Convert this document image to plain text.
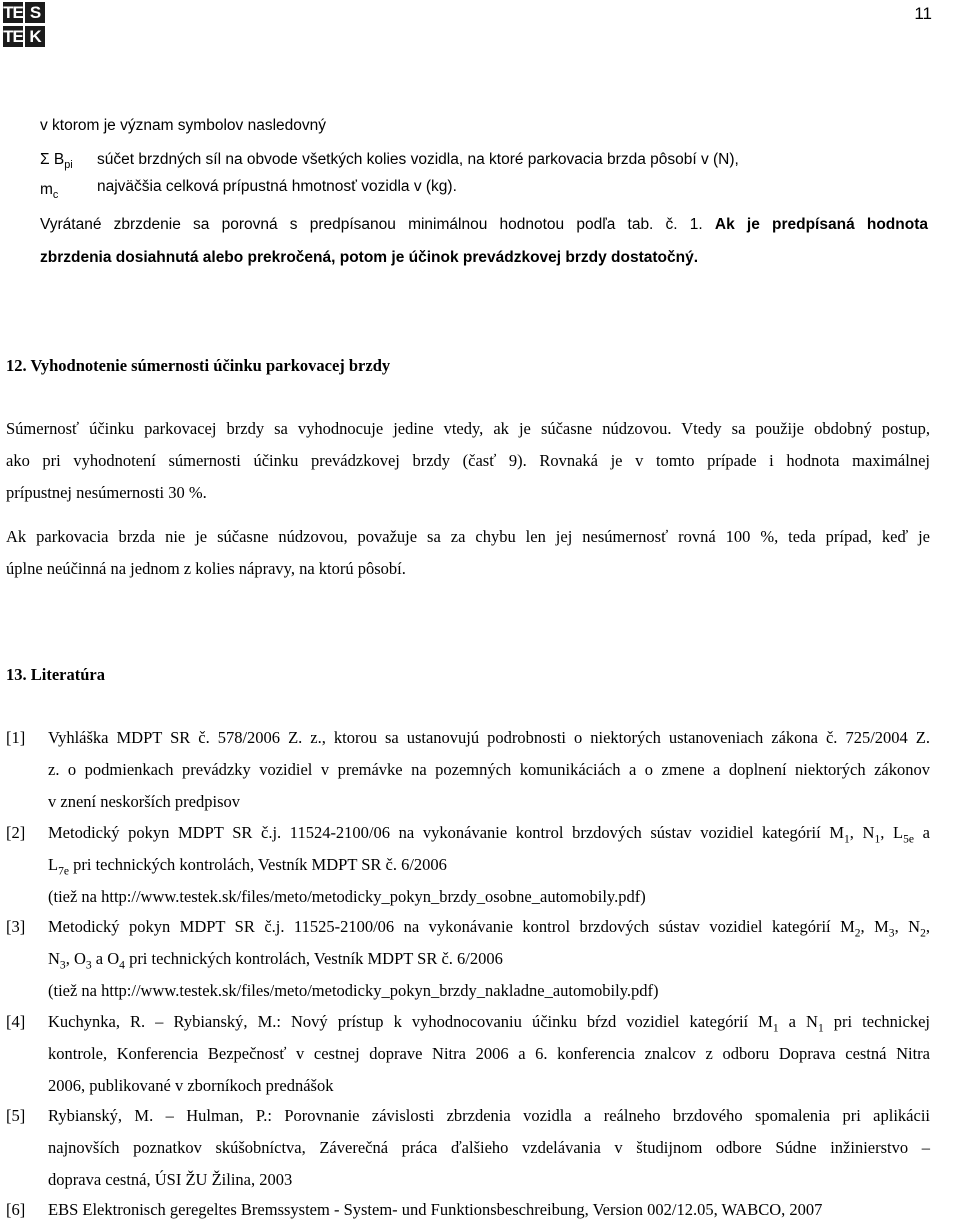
TE S
TE K
11
v ktorom je význam symbolov nasledovný
Σ $B_{pi}$ súčet brzdných síl na obvode všetkých kolies vozidla, na ktoré parkovacia brzda pôsobí v (N),
$m_c$
najväčšia celková prípustná hmotnosť vozidla v (kg).
Vyrátané zbrzdenie sa porovná s predpísanou minimálnou hodnotou podľa tab. č. 1. Ak je predpísaná hodnota
zbrzdenia dosiahnutá alebo prekročená, potom je účinok prevádzkovej brzdy dostatočný.
12. Vyhodnotenie súmernosti účinku parkovacej brzdy
Súmernosť účinku parkovacej brzdy sa vyhodnocuje jedine vtedy, ak je súčasne núdzovou. Vtedy sa použije obdobný postup,
ako pri vyhodnotení súmernosti účinku prevádzkovej brzdy (časť 9). Rovnaká je v tomto prípade i hodnota maximálnej
prípustnej nesúmernosti 30 %.
Ak parkovacia brzda nie je súčasne núdzovou, považuje sa za chybu len jej nesúmernosť rovná 100 %, teda prípad, keď je
úplne neúčinná na jednom z kolies nápravy, na ktorú pôsobí.
13. Literatúra
[1] Vyhláška MDPT SR č. 578/2006 Z. z., ktorou sa ustanovujú podrobnosti o niektorých ustanoveniach zákona č. 725/2004 Z.
z. o podmienkach prevádzky vozidiel v premávke na pozemných komunikáciách a o zmene a doplnení niektorých zákonov
v znení neskorších predpisov
[2] Metodický pokyn MDPT SR č.j. 11524-2100/06 na vykonávanie kontrol brzdových sústav vozidiel kategórií $M_1$, $N_1$, $L_{5e}$ a
$L_{7e}$ pri technických kontrolách, Vestník MDPT SR č. 6/2006
(tiež na http://www.testek.sk/files/meto/metodicky_pokyn_brzdy_osobne_automobily.pdf)
[3] Metodický pokyn MDPT SR č.j. 11525-2100/06 na vykonávanie kontrol brzdových sústav vozidiel kategórií $M_2$, $M_3$, $N_2$,
$N_3$, $O_3$ a $O_4$ pri technických kontrolách, Vestník MDPT SR č. 6/2006
(tiež na http://www.testek.sk/files/meto/metodicky_pokyn_brzdy_nakladne_automobily.pdf)
[4] Kuchynka, R. – Rybianský, M.: Nový prístup k vyhodnocovaniu účinku bŕzd vozidiel kategórií $M_1$ a $N_1$ pri technickej
kontrole, Konferencia Bezpečnosť v cestnej doprave Nitra 2006 a 6. konferencia znalcov z odboru Doprava cestná Nitra
2006, publikované v zborníkoch prednášok
[5] Rybianský, M. – Hulman, P.: Porovnanie závislosti zbrzdenia vozidla a reálneho brzdového spomalenia pri aplikácii
najnovších poznatkov skúšobníctva, Záverečná práca ďalšieho vzdelávania v študijnom odbore Súdne inžinierstvo –
doprava cestná, ÚSI ŽU Žilina, 2003
[6] EBS Elektronisch geregeltes Bremssystem - System- und Funktionsbeschreibung, Version 002/12.05, WABCO, 2007
